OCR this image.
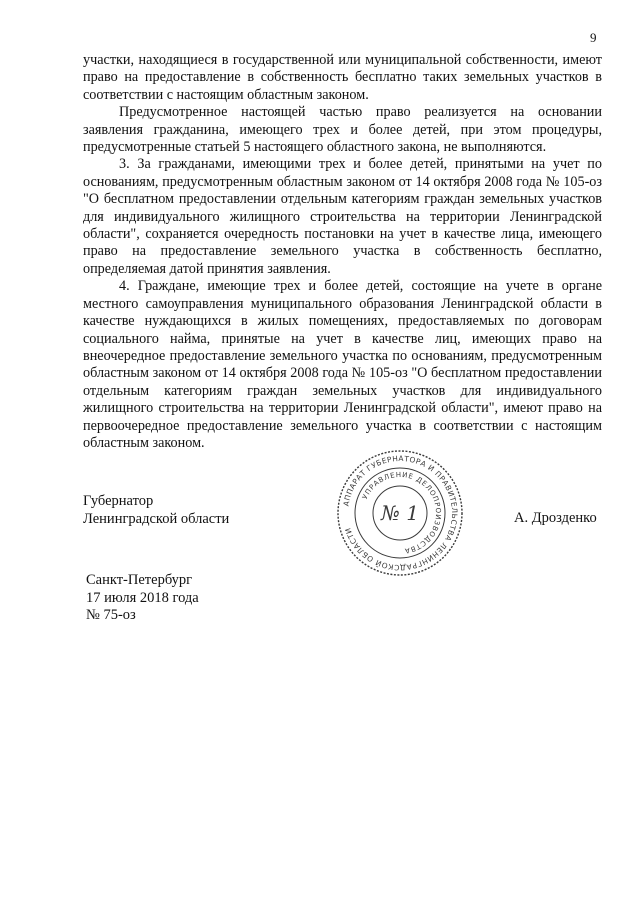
9

участки, находящиеся в государственной или муниципальной собственности, имеют право на предоставление в собственность бесплатно таких земельных участков в соответствии с настоящим областным законом.

Предусмотренное настоящей частью право реализуется на основании заявления гражданина, имеющего трех и более детей, при этом процедуры, предусмотренные статьей 5 настоящего областного закона, не выполняются.

3. За гражданами, имеющими трех и более детей, принятыми на учет по основаниям, предусмотренным областным законом от 14 октября 2008 года № 105-оз "О бесплатном предоставлении отдельным категориям граждан земельных участков для индивидуального жилищного строительства на территории Ленинградской области", сохраняется очередность постановки на учет в качестве лица, имеющего право на предоставление земельного участка в собственность бесплатно, определяемая датой принятия заявления.

4. Граждане, имеющие трех и более детей, состоящие на учете в органе местного самоуправления муниципального образования Ленинградской области в качестве нуждающихся в жилых помещениях, предоставляемых по договорам социального найма, принятые на учет в качестве лиц, имеющих право на внеочередное предоставление земельного участка по основаниям, предусмотренным областным законом от 14 октября 2008 года № 105-оз "О бесплатном предоставлении отдельным категориям граждан земельных участков для индивидуального жилищного строительства на территории Ленинградской области", имеют право на первоочередное предоставление земельного участка в соответствии с настоящим областным законом.

Губернатор
Ленинградской области
АППАРАТ ГУБЕРНАТОРА И ПРАВИТЕЛЬСТВА ЛЕНИНГРАДСКОЙ ОБЛАСТИ
УПРАВЛЕНИЕ ДЕЛОПРОИЗВОДСТВА
№ 1	А. Дрозденко
Санкт-Петербург
17 июля 2018 года
№ 75-оз
